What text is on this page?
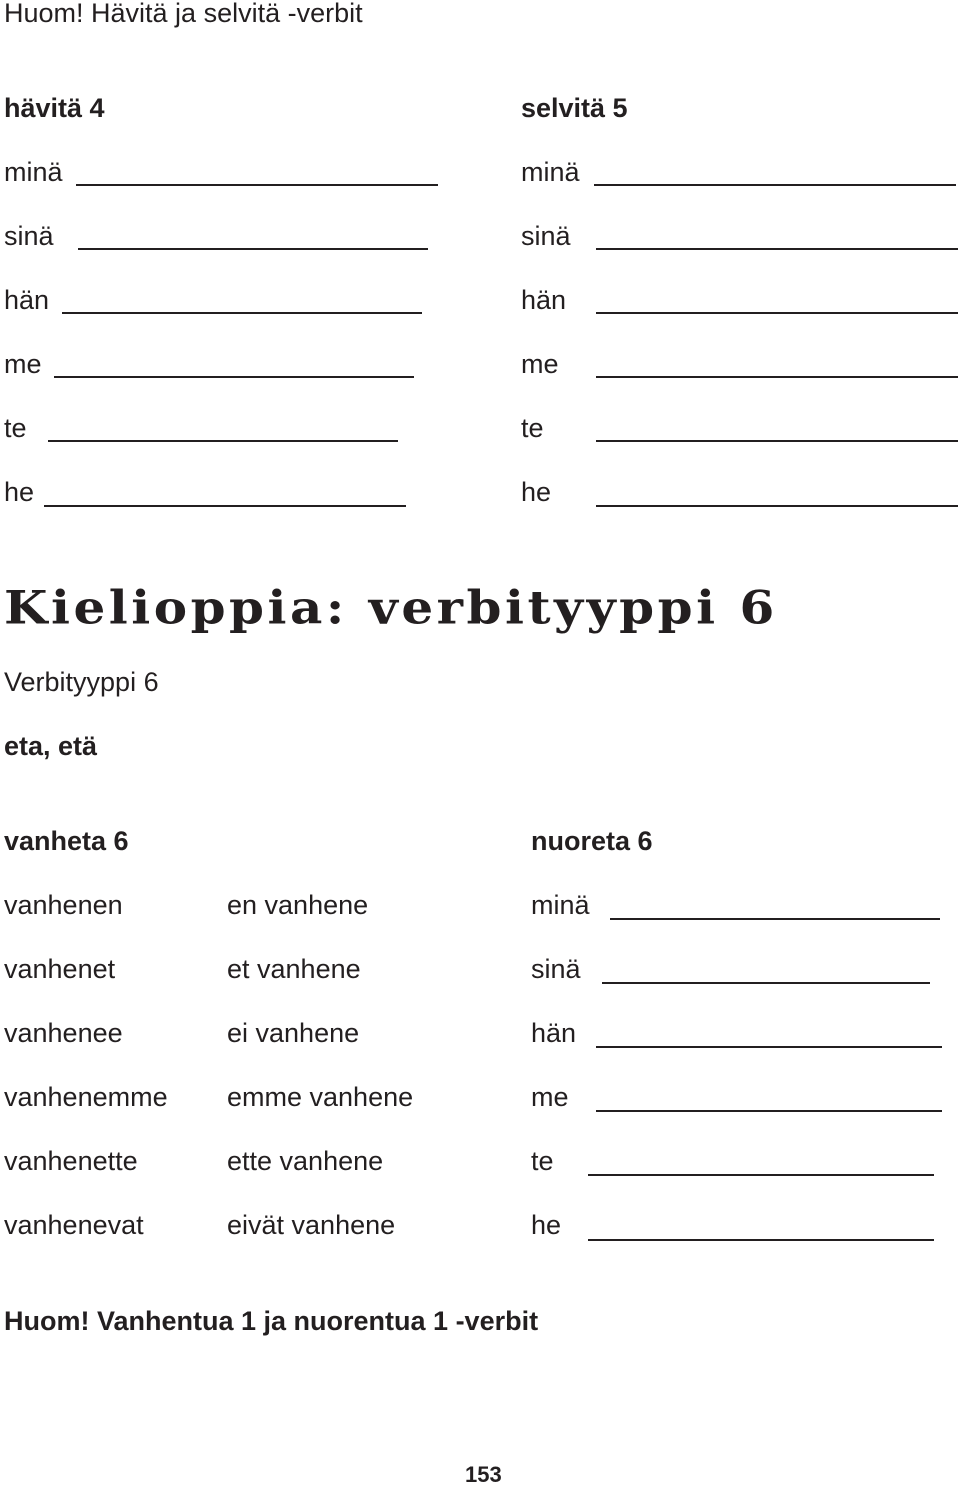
Huom! Hävitä ja selvitä -verbit
hävitä 4
minä
sinä
hän
me
te
he
selvitä 5
minä
sinä
hän
me
te
he
Kielioppia: verbityyppi 6
Verbityyppi 6
eta, etä
vanheta 6
vanhenen
vanhenet
vanhenee
vanhenemme
vanhenette
vanhenevat
en vanhene
et vanhene
ei vanhene
emme vanhene
ette vanhene
eivät vanhene
nuoreta 6
minä
sinä
hän
me
te
he
Huom! Vanhentua 1 ja nuorentua 1 -verbit
153
